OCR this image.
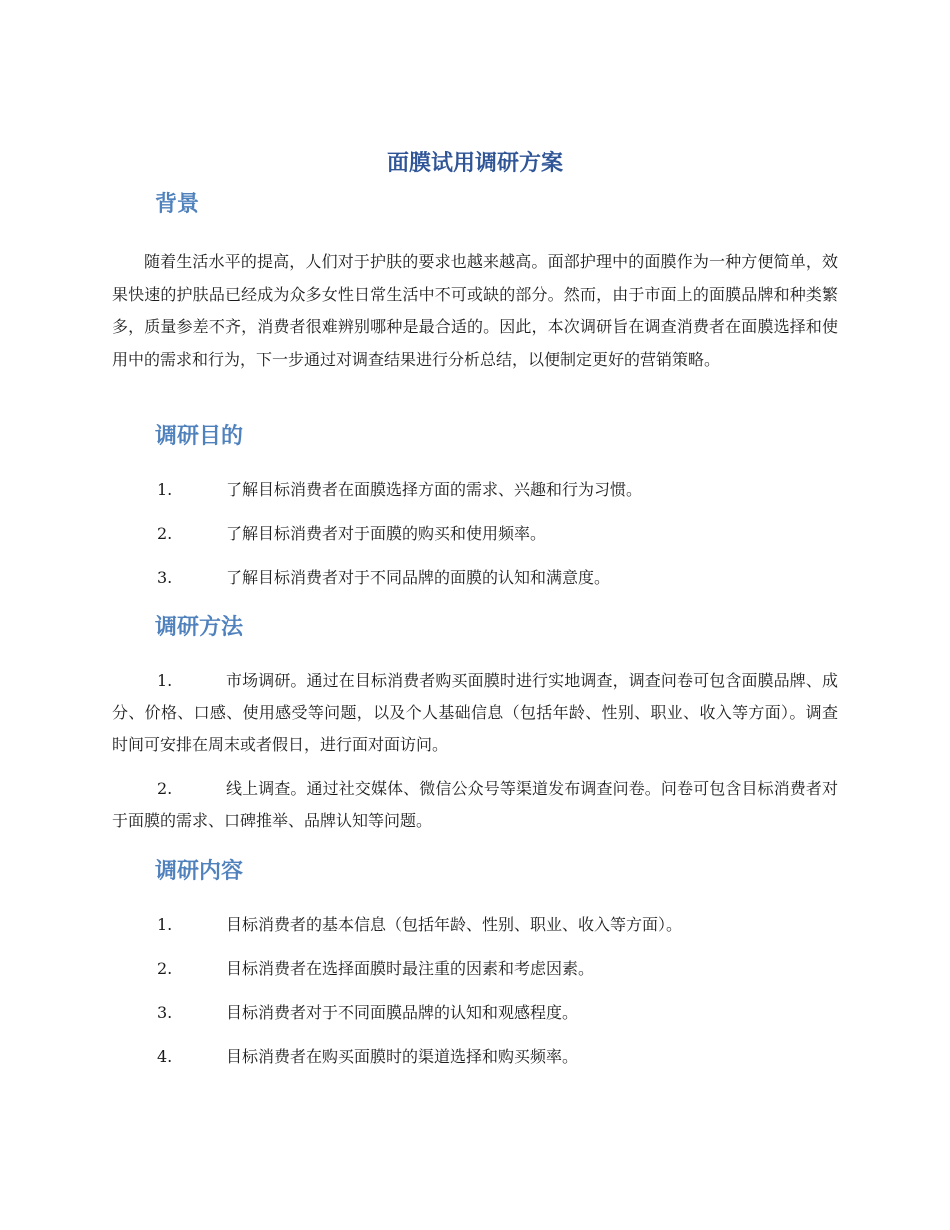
面膜试用调研方案
背景

随着生活水平的提高，人们对于护肤的要求也越来越高。面部护理中的面膜作为一种方便简单，效果快速的护肤品已经成为众多女性日常生活中不可或缺的部分。然而，由于市面上的面膜品牌和种类繁多，质量参差不齐，消费者很难辨别哪种是最合适的。因此，本次调研旨在调查消费者在面膜选择和使用中的需求和行为，下一步通过对调查结果进行分析总结，以便制定更好的营销策略。

调研目的

1.	了解目标消费者在面膜选择方面的需求、兴趣和行为习惯。

2.	了解目标消费者对于面膜的购买和使用频率。

3.	了解目标消费者对于不同品牌的面膜的认知和满意度。

调研方法

1.	市场调研。通过在目标消费者购买面膜时进行实地调查，调查问卷可包含面膜品牌、成分、价格、口感、使用感受等问题，以及个人基础信息（包括年龄、性别、职业、收入等方面）。调查时间可安排在周末或者假日，进行面对面访问。

2.	线上调查。通过社交媒体、微信公众号等渠道发布调查问卷。问卷可包含目标消费者对于面膜的需求、口碑推举、品牌认知等问题。

调研内容

1.	目标消费者的基本信息（包括年龄、性别、职业、收入等方面）。

2.	目标消费者在选择面膜时最注重的因素和考虑因素。

3.	目标消费者对于不同面膜品牌的认知和观感程度。

4.	目标消费者在购买面膜时的渠道选择和购买频率。
